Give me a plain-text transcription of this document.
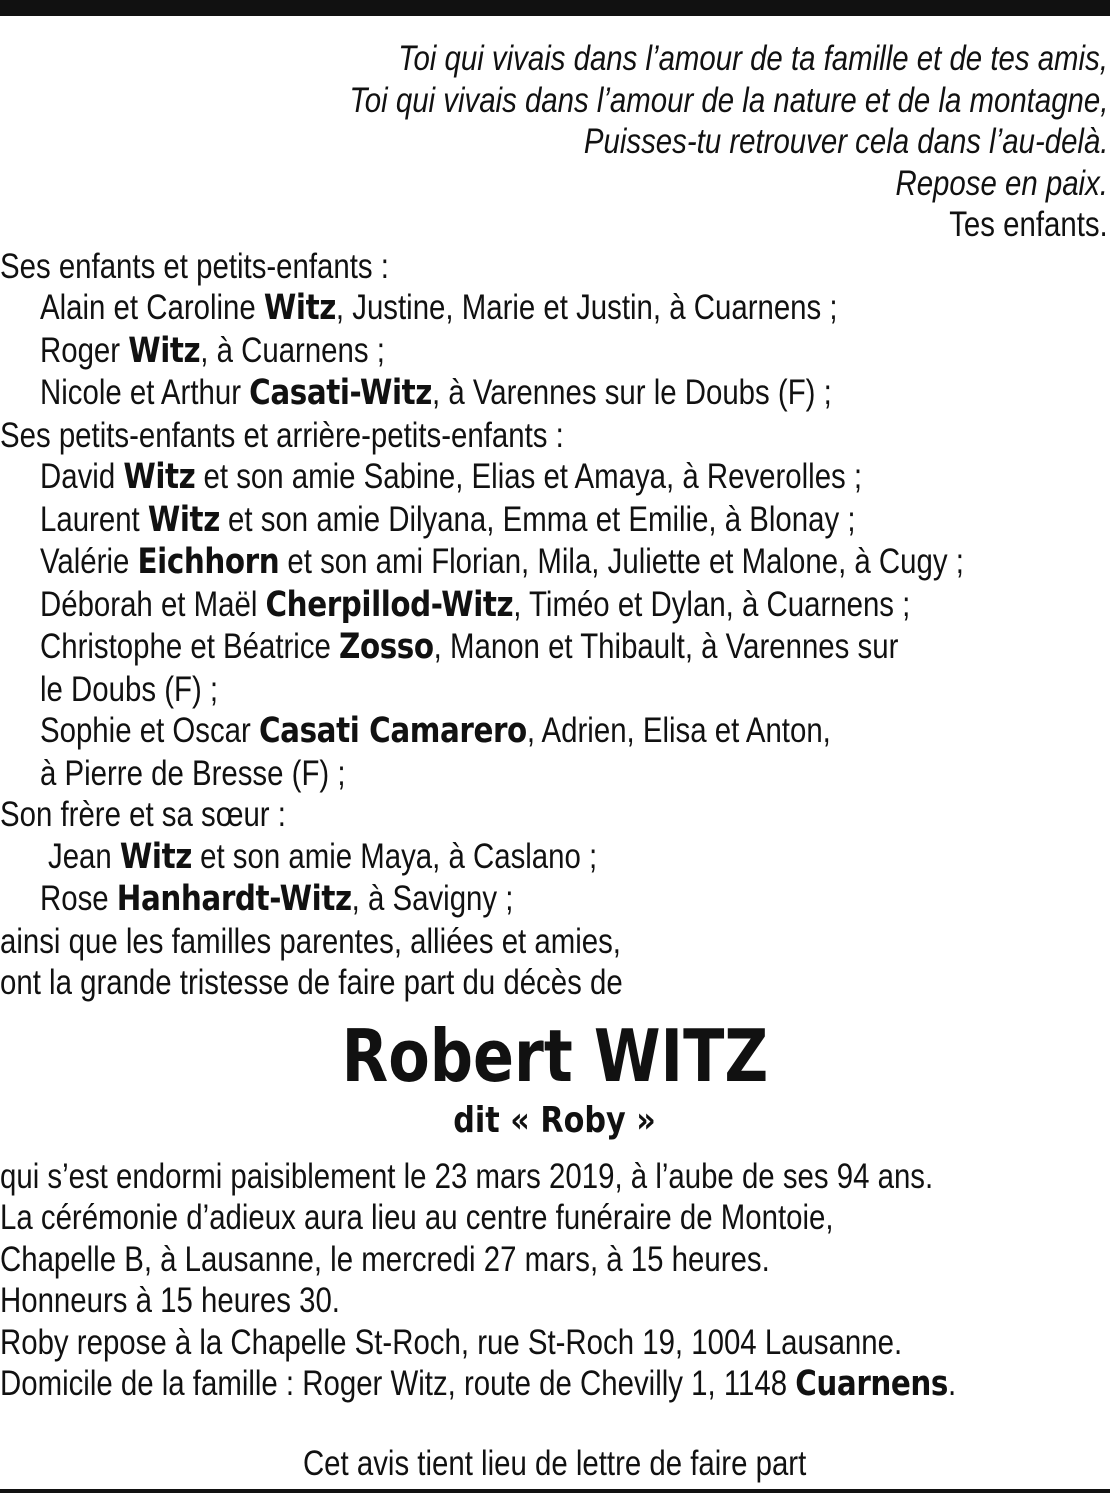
Toi qui vivais dans l’amour de ta famille et de tes amis,
Toi qui vivais dans l’amour de la nature et de la montagne,
Puisses-tu retrouver cela dans l’au-delà.
Repose en paix.
Tes enfants.
Ses enfants et petits-enfants :
Alain et Caroline Witz, Justine, Marie et Justin, à Cuarnens ;
Roger Witz, à Cuarnens ;
Nicole et Arthur Casati-Witz, à Varennes sur le Doubs (F) ;
Ses petits-enfants et arrière-petits-enfants :
David Witz et son amie Sabine, Elias et Amaya, à Reverolles ;
Laurent Witz et son amie Dilyana, Emma et Emilie, à Blonay ;
Valérie Eichhorn et son ami Florian, Mila, Juliette et Malone, à Cugy ;
Déborah et Maël Cherpillod-Witz, Timéo et Dylan, à Cuarnens ;
Christophe et Béatrice Zosso, Manon et Thibault, à Varennes sur
le Doubs (F) ;
Sophie et Oscar Casati Camarero, Adrien, Elisa et Anton,
à Pierre de Bresse (F) ;
Son frère et sa sœur :
Jean Witz et son amie Maya, à Caslano ;
Rose Hanhardt-Witz, à Savigny ;
ainsi que les familles parentes, alliées et amies,
ont la grande tristesse de faire part du décès de
Robert WITZ
dit « Roby »
qui s’est endormi paisiblement le 23 mars 2019, à l’aube de ses 94 ans.
La cérémonie d’adieux aura lieu au centre funéraire de Montoie,
Chapelle B, à Lausanne, le mercredi 27 mars, à 15 heures.
Honneurs à 15 heures 30.
Roby repose à la Chapelle St-Roch, rue St-Roch 19, 1004 Lausanne.
Domicile de la famille : Roger Witz, route de Chevilly 1, 1148 Cuarnens.
Cet avis tient lieu de lettre de faire part
